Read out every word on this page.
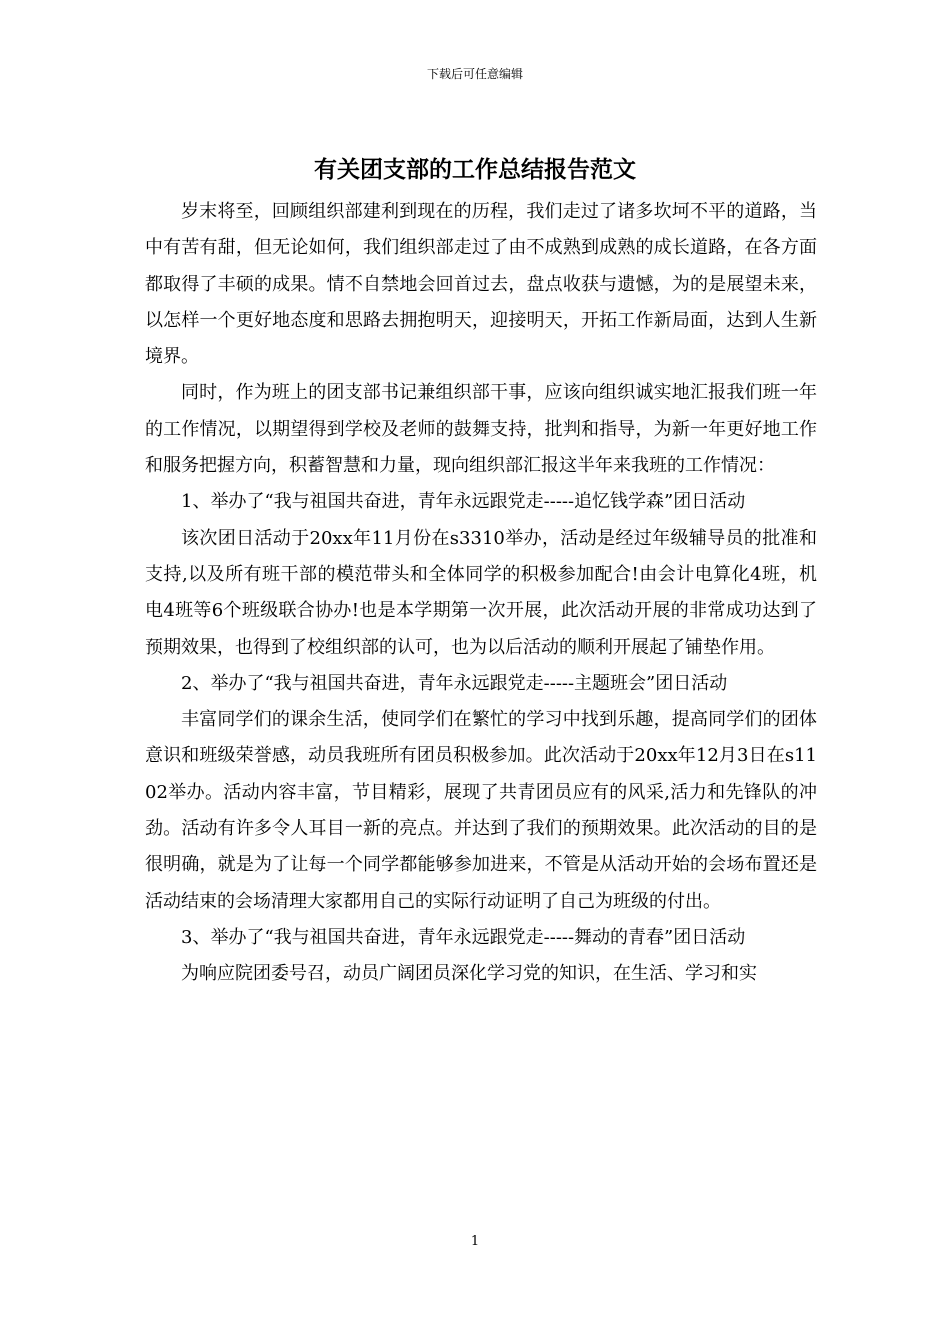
下载后可任意编辑
有关团支部的工作总结报告范文

岁末将至，回顾组织部建利到现在的历程，我们走过了诸多坎坷不平的道路，当中有苦有甜，但无论如何，我们组织部走过了由不成熟到成熟的成长道路，在各方面都取得了丰硕的成果。情不自禁地会回首过去，盘点收获与遗憾，为的是展望未来，以怎样一个更好地态度和思路去拥抱明天，迎接明天，开拓工作新局面，达到人生新境界。

同时，作为班上的团支部书记兼组织部干事，应该向组织诚实地汇报我们班一年的工作情况，以期望得到学校及老师的鼓舞支持，批判和指导，为新一年更好地工作和服务把握方向，积蓄智慧和力量，现向组织部汇报这半年来我班的工作情况：

1、举办了“我与祖国共奋进，青年永远跟党走-----追忆钱学森”团日活动

该次团日活动于20xx年11月份在s3310举办，活动是经过年级辅导员的批准和支持,以及所有班干部的模范带头和全体同学的积极参加配合!由会计电算化4班，机电4班等6个班级联合协办!也是本学期第一次开展，此次活动开展的非常成功达到了预期效果，也得到了校组织部的认可，也为以后活动的顺利开展起了铺垫作用。

2、举办了“我与祖国共奋进，青年永远跟党走-----主题班会”团日活动

丰富同学们的课余生活，使同学们在繁忙的学习中找到乐趣，提高同学们的团体意识和班级荣誉感，动员我班所有团员积极参加。此次活动于20xx年12月3日在s1102举办。活动内容丰富，节目精彩，展现了共青团员应有的风采,活力和先锋队的冲劲。活动有许多令人耳目一新的亮点。并达到了我们的预期效果。此次活动的目的是很明确，就是为了让每一个同学都能够参加进来，不管是从活动开始的会场布置还是活动结束的会场清理大家都用自己的实际行动证明了自己为班级的付出。

3、举办了“我与祖国共奋进，青年永远跟党走-----舞动的青春”团日活动

为响应院团委号召，动员广阔团员深化学习党的知识，在生活、学习和实

1
